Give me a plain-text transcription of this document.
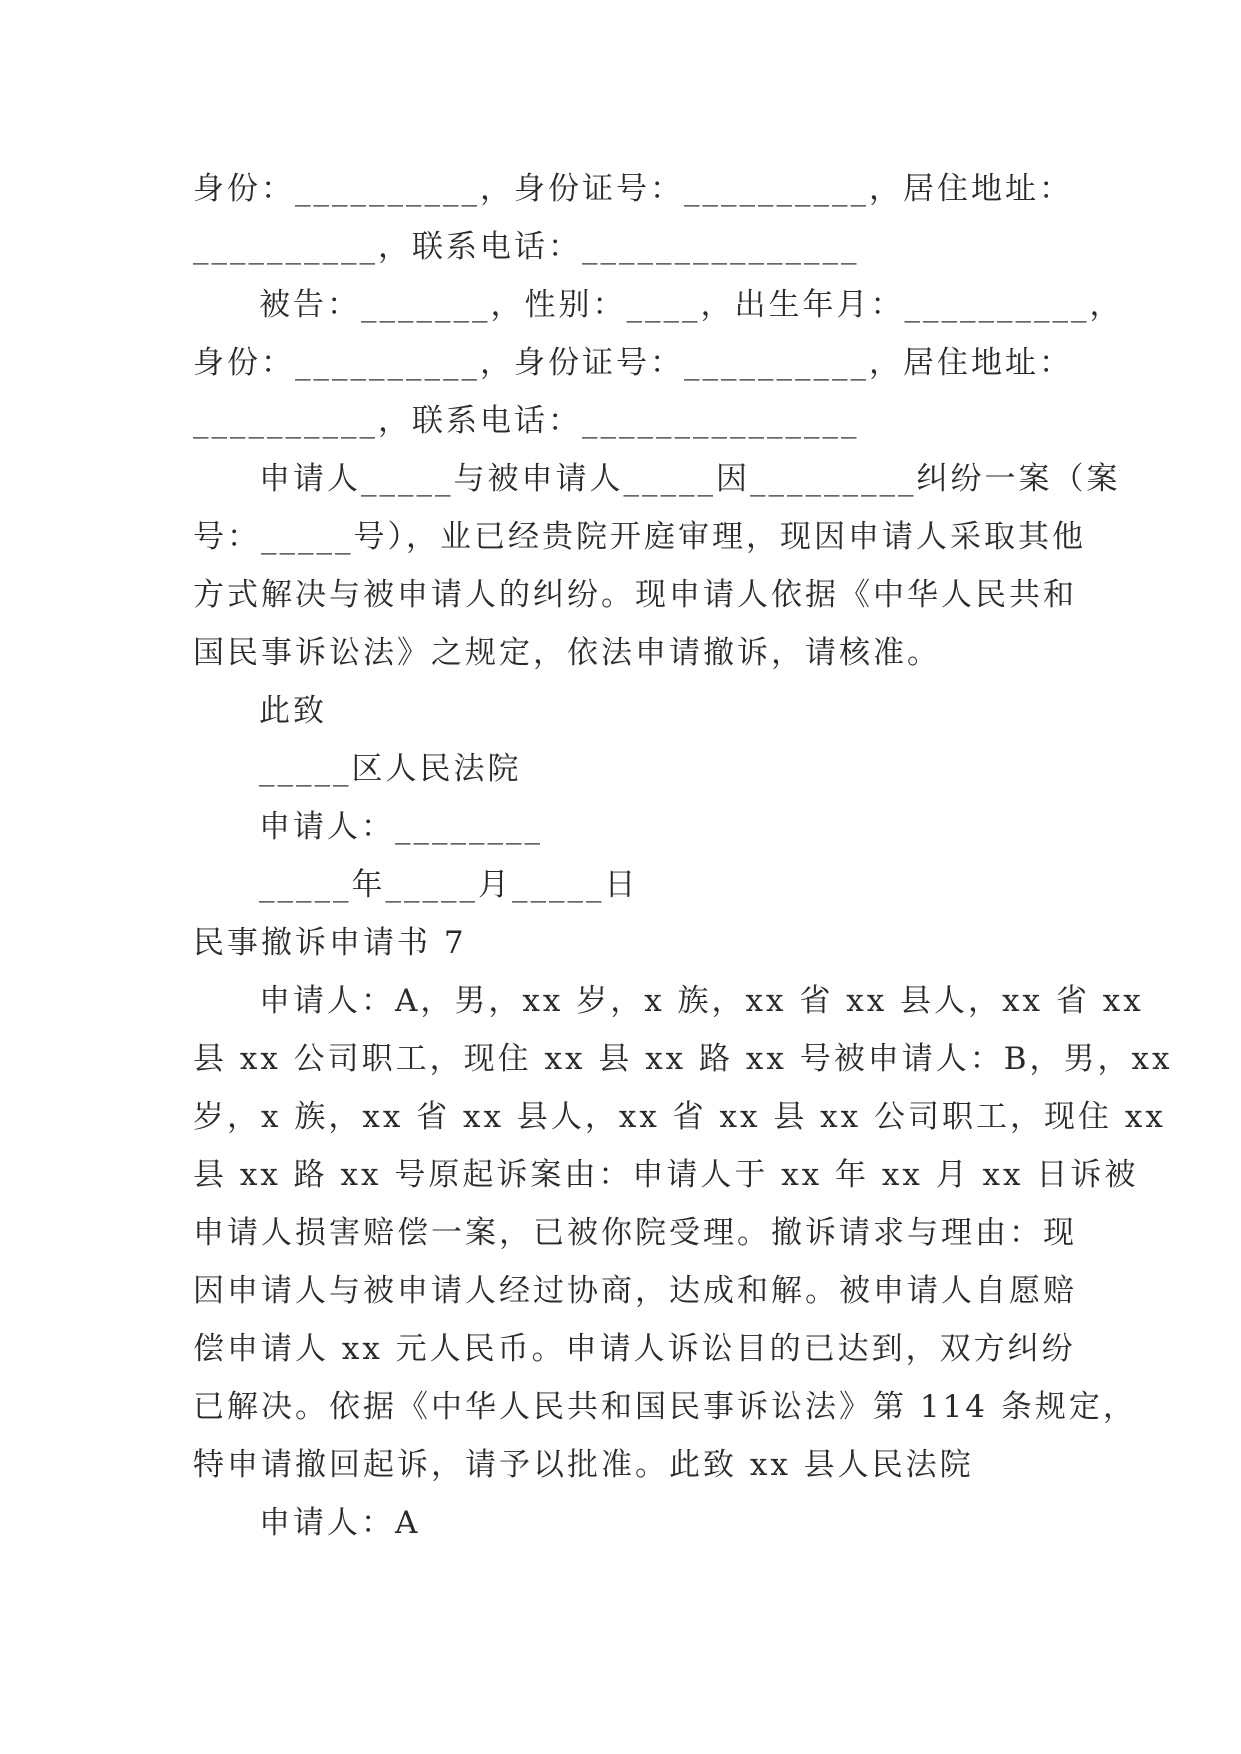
身份：__________，身份证号：__________，居住地址：
__________，联系电话：_______________
被告：_______，性别：____，出生年月：__________，
身份：__________，身份证号：__________，居住地址：
__________，联系电话：_______________
申请人_____与被申请人_____因_________纠纷一案（案
号：_____号），业已经贵院开庭审理，现因申请人采取其他
方式解决与被申请人的纠纷。现申请人依据《中华人民共和
国民事诉讼法》之规定，依法申请撤诉，请核准。
此致
_____区人民法院
申请人：________
_____年_____月_____日
民事撤诉申请书 7
申请人：A，男，xx 岁，x 族，xx 省 xx 县人，xx 省 xx
县 xx 公司职工，现住 xx 县 xx 路 xx 号被申请人：B，男，xx
岁，x 族，xx 省 xx 县人，xx 省 xx 县 xx 公司职工，现住 xx
县 xx 路 xx 号原起诉案由：申请人于 xx 年 xx 月 xx 日诉被
申请人损害赔偿一案，已被你院受理。撤诉请求与理由：现
因申请人与被申请人经过协商，达成和解。被申请人自愿赔
偿申请人 xx 元人民币。申请人诉讼目的已达到，双方纠纷
已解决。依据《中华人民共和国民事诉讼法》第 114 条规定，
特申请撤回起诉，请予以批准。此致 xx 县人民法院
申请人：A
